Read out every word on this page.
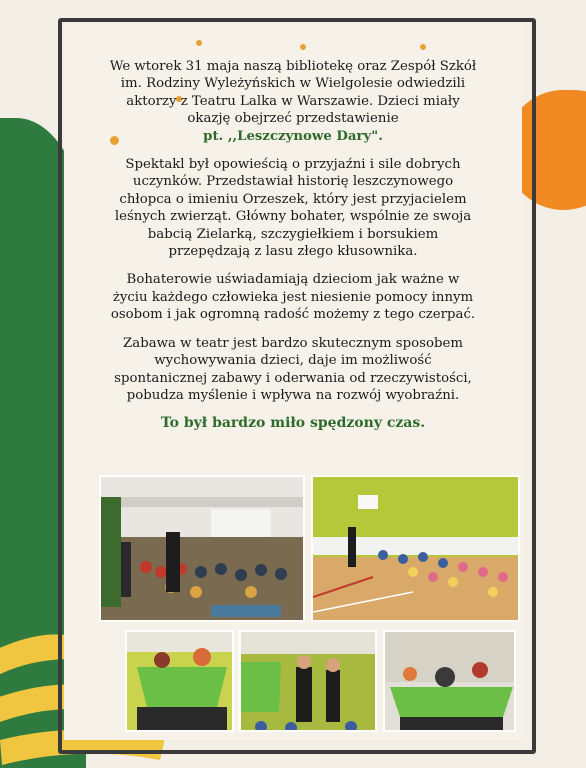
We wtorek 31 maja naszą bibliotekę oraz Zespół Szkół
im. Rodziny Wyleżyńskich w Wielgolesie odwiedzili
aktorzy z Teatru Lalka w Warszawie. Dzieci miały
okazję obejrzeć przedstawienie
pt. ,,Leszczynowe Dary".

Spektakl był opowieścią o przyjaźni i sile dobrych
uczynków. Przedstawiał historię leszczynowego
chłopca o imieniu Orzeszek, który jest przyjacielem
leśnych zwierząt. Główny bohater, wspólnie ze swoja
babcią Zielarką, szczygiełkiem i borsukiem
przepędzają z lasu złego kłusownika.

Bohaterowie uświadamiają dzieciom jak ważne w
życiu każdego człowieka jest niesienie pomocy innym
osobom i jak ogromną radość możemy z tego czerpać.

Zabawa w teatr jest bardzo skutecznym sposobem
wychowywania dzieci, daje im możliwość
spontanicznej zabawy i oderwania od rzeczywistości,
pobudza myślenie i wpływa na rozwój wyobraźni.

To był bardzo miło spędzony czas.
